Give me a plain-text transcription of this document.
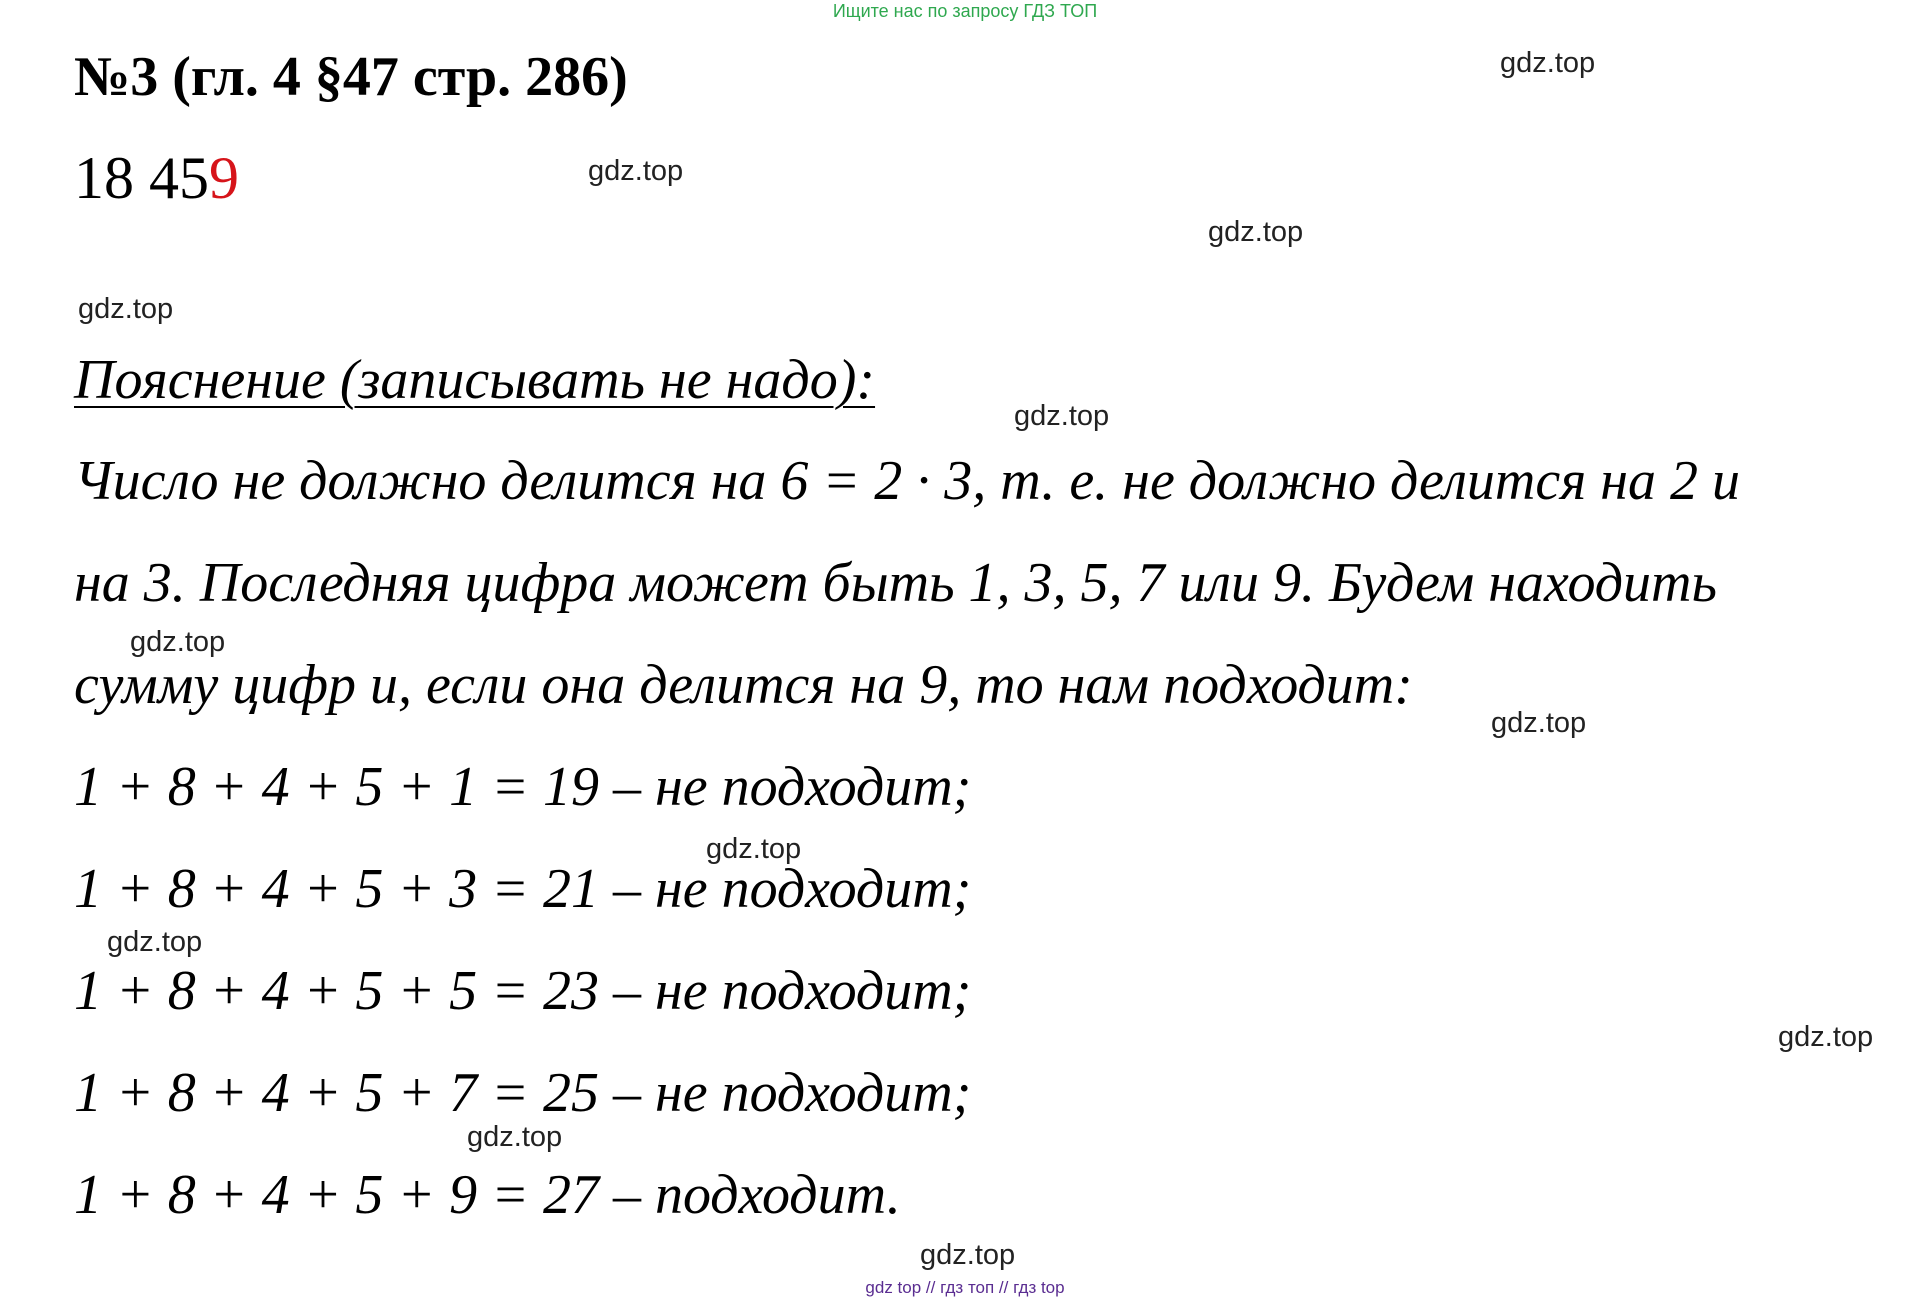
Ищите нас по запросу ГДЗ ТОП
№3 (гл. 4 §47 стр. 286)
18 459
Пояснение (записывать не надо):
Число не должно делится на 6 = 2 · 3, т. е. не должно делится на 2 и
на 3. Последняя цифра может быть 1, 3, 5, 7 или 9. Будем находить
сумму цифр и, если она делится на 9, то нам подходит:
1 + 8 + 4 + 5 + 1 = 19 – не подходит;
1 + 8 + 4 + 5 + 3 = 21 – не подходит;
1 + 8 + 4 + 5 + 5 = 23 – не подходит;
1 + 8 + 4 + 5 + 7 = 25 – не подходит;
1 + 8 + 4 + 5 + 9 = 27 – подходит.
gdz.top
gdz.top
gdz.top
gdz.top
gdz.top
gdz.top
gdz.top
gdz.top
gdz.top
gdz.top
gdz.top
gdz.top
gdz top // гдз топ // гдз top
